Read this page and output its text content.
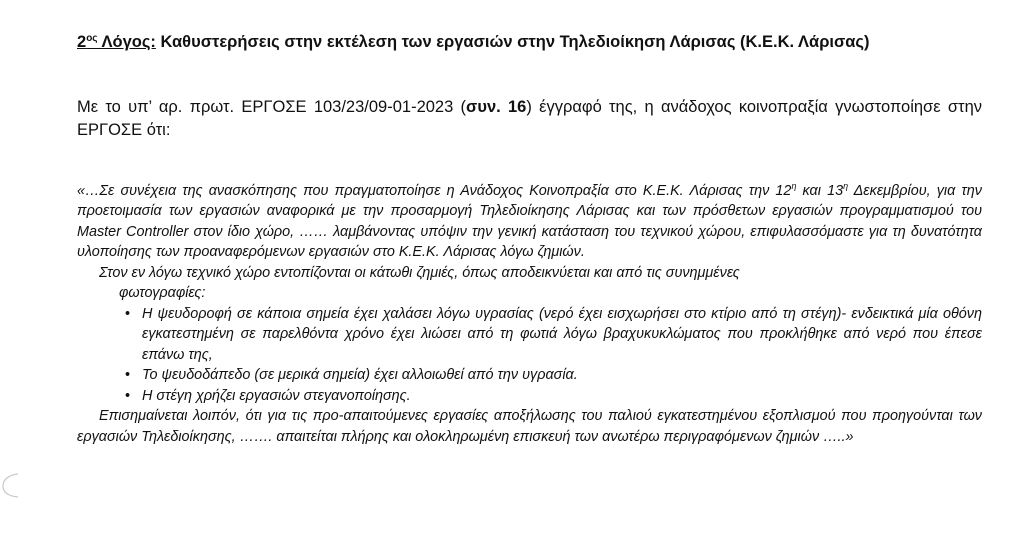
$2^{o\varsigma}$ Λόγος: Καθυστερήσεις στην εκτέλεση των εργασιών στην Τηλεδιοίκηση Λάρισας (Κ.Ε.Κ. Λάρισας)
Με το υπ’ αρ. πρωτ. ΕΡΓΟΣΕ 103/23/09-01-2023 (συν. 16) έγγραφό της, η ανάδοχος κοινοπραξία γνωστοποίησε στην ΕΡΓΟΣΕ ότι:

«…Σε συνέχεια της ανασκόπησης που πραγματοποίησε η Ανάδοχος Κοινοπραξία στο Κ.Ε.Κ. Λάρισας την $12^\eta$ και $13^\eta$ Δεκεμβρίου, για την προετοιμασία των εργασιών αναφορικά με την προσαρμογή Τηλεδιοίκησης Λάρισας και των πρόσθετων εργασιών προγραμματισμού του Master Controller στον ίδιο χώρο, …… λαμβάνοντας υπόψιν την γενική κατάσταση του τεχνικού χώρου, επιφυλασσόμαστε για τη δυνατότητα υλοποίησης των προαναφερόμενων εργασιών στο Κ.Ε.Κ. Λάρισας λόγω ζημιών.

Στον εν λόγω τεχνικό χώρο εντοπίζονται οι κάτωθι ζημιές, όπως αποδεικνύεται και από τις συνημμένες
φωτογραφίες:

• Η ψευδοροφή σε κάποια σημεία έχει χαλάσει λόγω υγρασίας (νερό έχει εισχωρήσει στο κτίριο από τη στέγη)- ενδεικτικά μία οθόνη εγκατεστημένη σε παρελθόντα χρόνο έχει λιώσει από τη φωτιά λόγω βραχυκυκλώματος που προκλήθηκε από νερό που έπεσε επάνω της,
• Το ψευδοδάπεδο (σε μερικά σημεία) έχει αλλοιωθεί από την υγρασία.
• Η στέγη χρήζει εργασιών στεγανοποίησης.

Επισημαίνεται λοιπόν, ότι για τις προ-απαιτούμενες εργασίες αποξήλωσης του παλιού εγκατεστημένου εξοπλισμού που προηγούνται των εργασιών Τηλεδιοίκησης, ……. απαιτείται πλήρης και ολοκληρωμένη επισκευή των ανωτέρω περιγραφόμενων ζημιών …..»
